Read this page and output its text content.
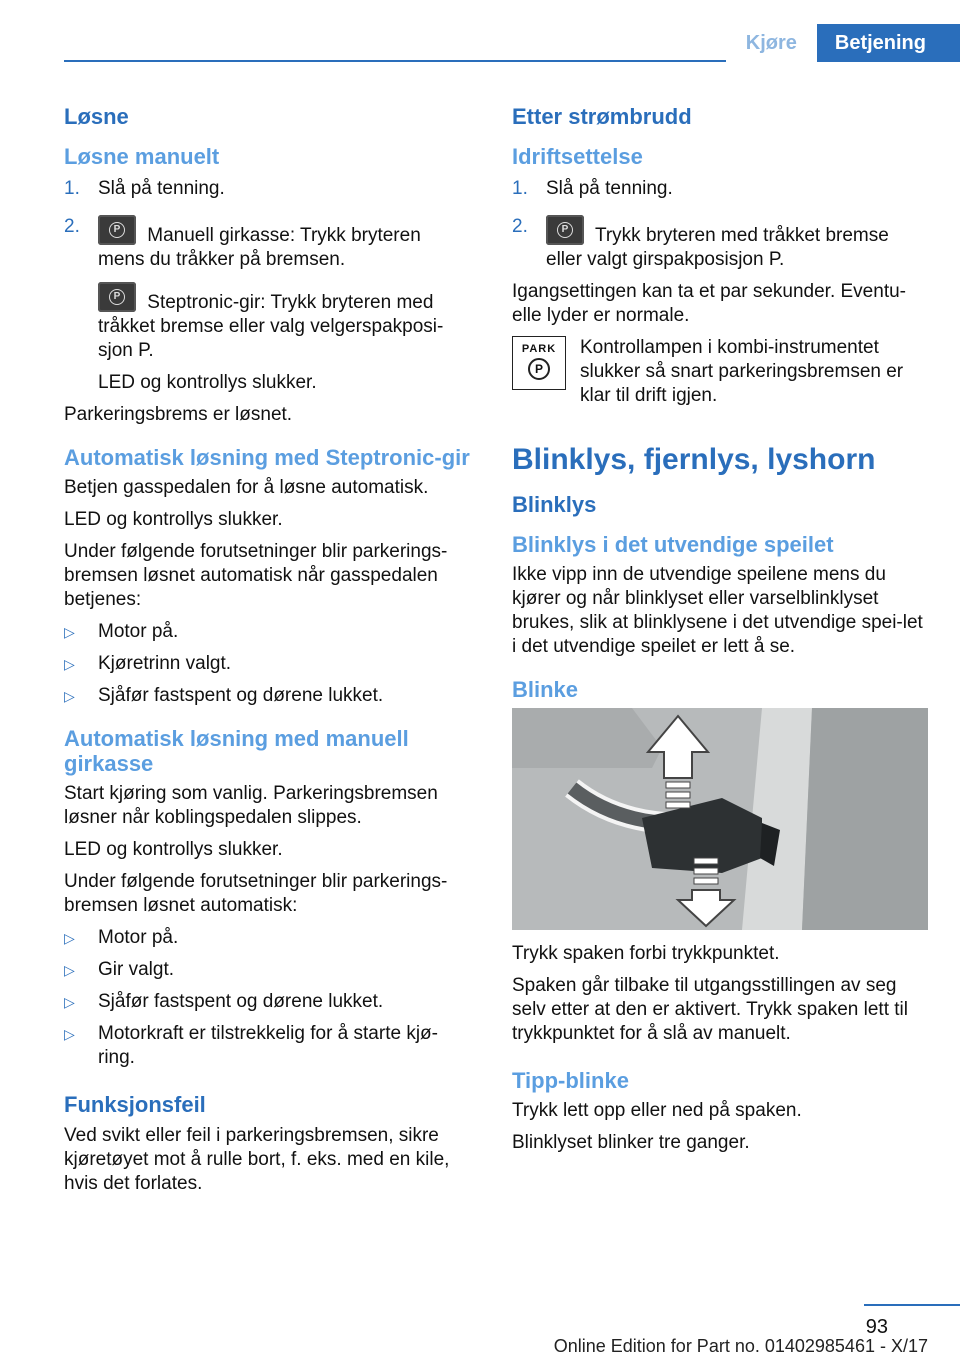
Kjøre	Betjening
Løsne
Løsne manuelt
1. Slå på tenning.
2.	P Manuell girkasse: Trykk bryteren mens du tråkker på bremsen.
P Steptronic-gir: Trykk bryteren med tråkket bremse eller valg velgerspakposi‐sjon P.

LED og kontrollys slukker.

Parkeringsbrems er løsnet.

Automatisk løsning med Steptronic-gir

Betjen gasspedalen for å løsne automatisk.

LED og kontrollys slukker.

Under følgende forutsetninger blir parkerings‐bremsen løsnet automatisk når gasspedalen betjenes:

▷	Motor på.
▷	Kjøretrinn valgt.
▷	Sjåfør fastspent og dørene lukket.
Automatisk løsning med manuell girkasse

Start kjøring som vanlig. Parkeringsbremsen løsner når koblingspedalen slippes.

LED og kontrollys slukker.

Under følgende forutsetninger blir parkerings‐bremsen løsnet automatisk:

▷	Motor på.
▷	Gir valgt.
▷	Sjåfør fastspent og dørene lukket.
▷	Motorkraft er tilstrekkelig for å starte kjø‐ring.
Funksjonsfeil

Ved svikt eller feil i parkeringsbremsen, sikre kjøretøyet mot å rulle bort, f. eks. med en kile, hvis det forlates.

Etter strømbrudd
Idriftsettelse
1. Slå på tenning.
2.	P Trykk bryteren med tråkket bremse eller valgt girspakposisjon P.

Igangsettingen kan ta et par sekunder. Eventu‐elle lyder er normale.

PARK
P

Kontrollampen i kombi-instrumentet slukker så snart parkeringsbremsen er klar til drift igjen.

Blinklys, fjernlys, lyshorn
Blinklys
Blinklys i det utvendige speilet

Ikke vipp inn de utvendige speilene mens du kjører og når blinklyset eller varselblinklyset brukes, slik at blinklysene i det utvendige spei‐let i det utvendige speilet er lett å se.

Blinke

Trykk spaken forbi trykkpunktet.

Spaken går tilbake til utgangsstillingen av seg selv etter at den er aktivert. Trykk spaken lett til trykkpunktet for å slå av manuelt.

Tipp-blinke

Trykk lett opp eller ned på spaken.

Blinklyset blinker tre ganger.

93
Online Edition for Part no. 01402985461 - X/17
